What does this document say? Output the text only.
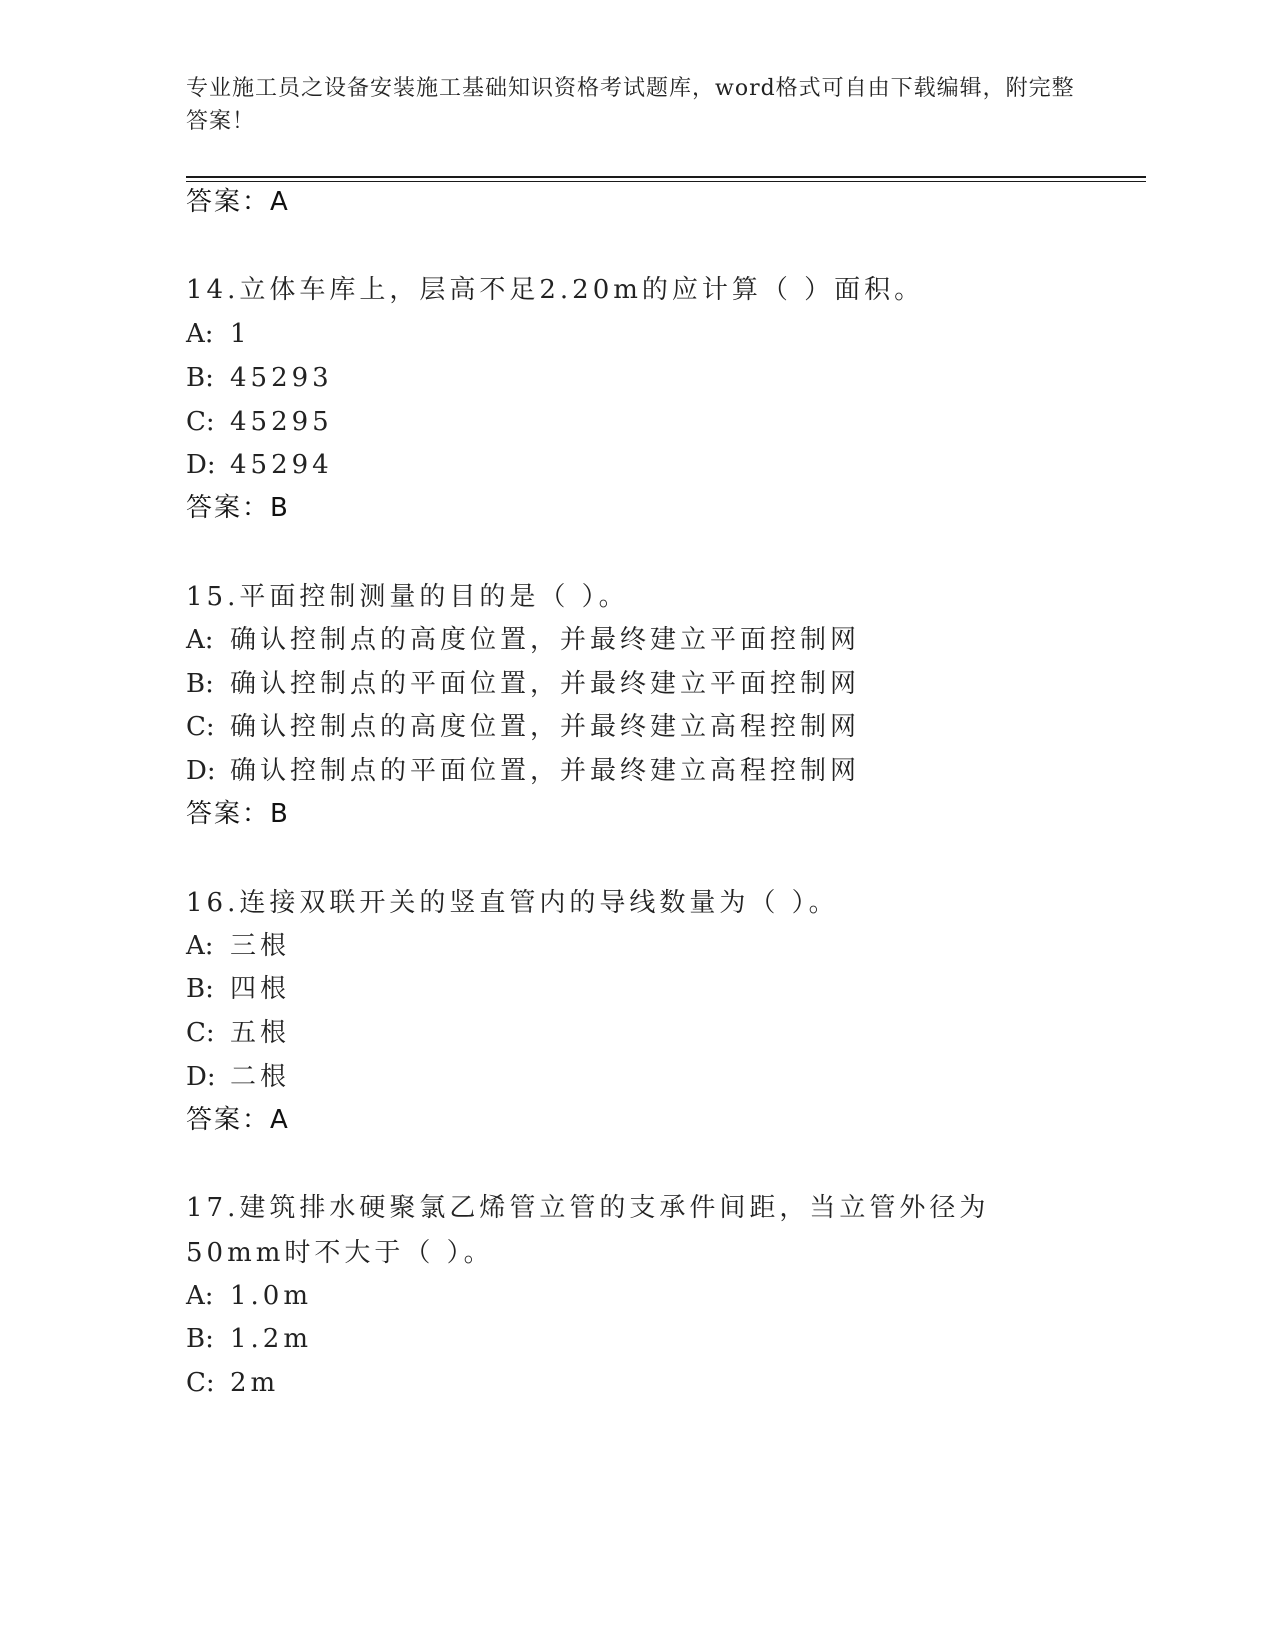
专业施工员之设备安装施工基础知识资格考试题库，word格式可自由下载编辑，附完整答案！
答案：A
14.立体车库上，层高不足2.20m的应计算（ ）面积。
A: 1
B: 45293
C: 45295
D: 45294
答案：B
15.平面控制测量的目的是（ ）。
A: 确认控制点的高度位置，并最终建立平面控制网
B: 确认控制点的平面位置，并最终建立平面控制网
C: 确认控制点的高度位置，并最终建立高程控制网
D: 确认控制点的平面位置，并最终建立高程控制网
答案：B
16.连接双联开关的竖直管内的导线数量为（ ）。
A: 三根
B: 四根
C: 五根
D: 二根
答案：A
17.建筑排水硬聚氯乙烯管立管的支承件间距，当立管外径为50mm时不大于（ ）。
A: 1.0m
B: 1.2m
C: 2m
